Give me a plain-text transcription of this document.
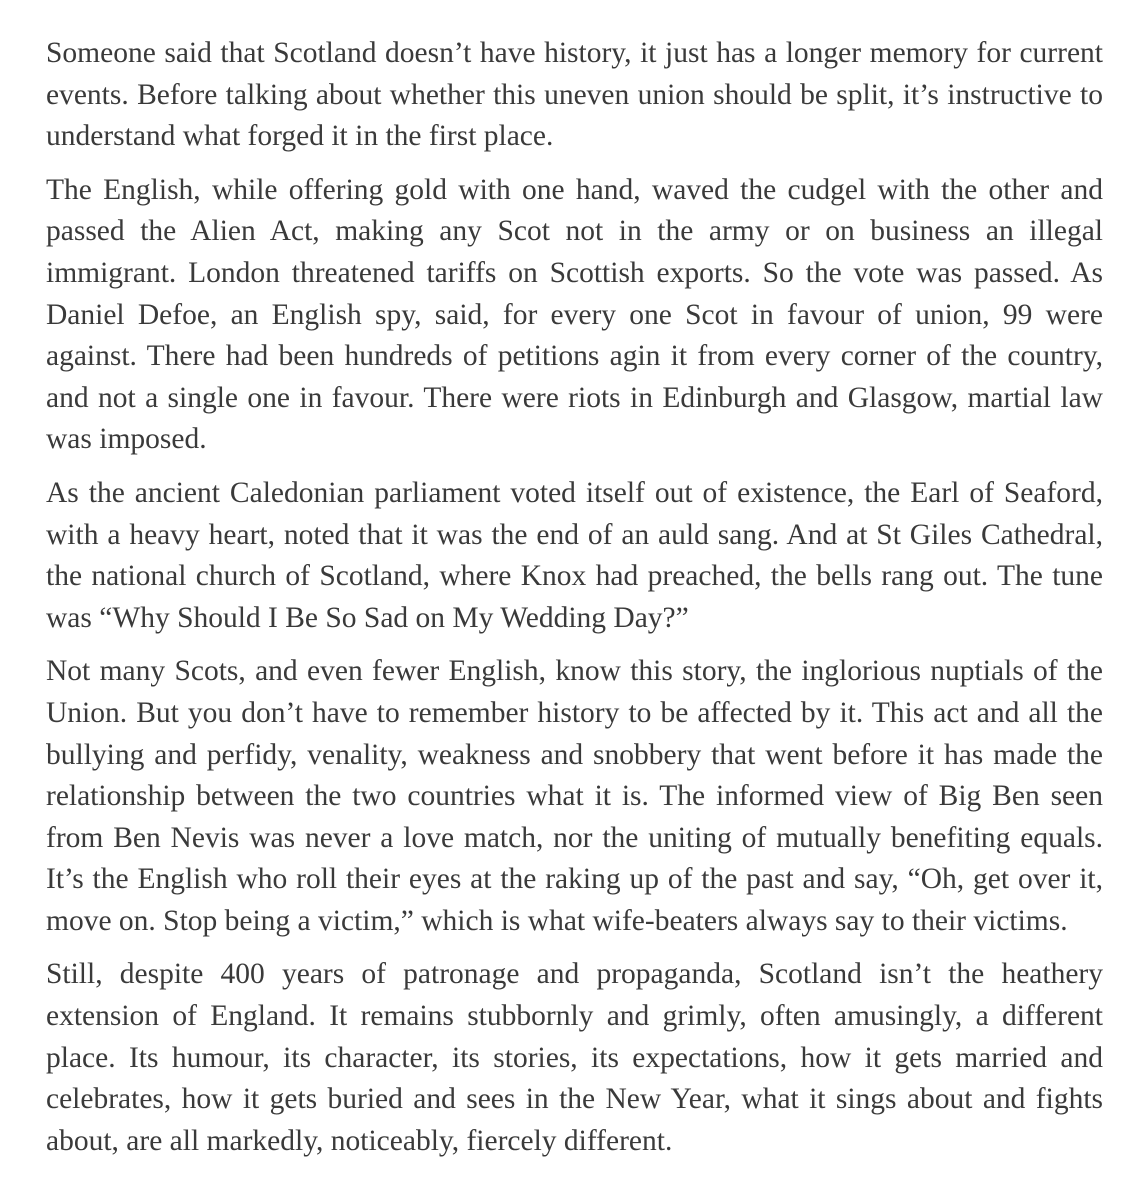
Someone said that Scotland doesn’t have history, it just has a longer memory for current events. Before talking about whether this uneven union should be split, it’s instructive to understand what forged it in the first place.

The English, while offering gold with one hand, waved the cudgel with the other and passed the Alien Act, making any Scot not in the army or on business an illegal immigrant. London threatened tariffs on Scottish exports. So the vote was passed. As Daniel Defoe, an English spy, said, for every one Scot in favour of union, 99 were against. There had been hundreds of petitions agin it from every corner of the country, and not a single one in favour. There were riots in Edinburgh and Glasgow, martial law was imposed.

As the ancient Caledonian parliament voted itself out of existence, the Earl of Seaford, with a heavy heart, noted that it was the end of an auld sang. And at St Giles Cathedral, the national church of Scotland, where Knox had preached, the bells rang out. The tune was “Why Should I Be So Sad on My Wedding Day?”

Not many Scots, and even fewer English, know this story, the inglorious nuptials of the Union. But you don’t have to remember history to be affected by it. This act and all the bullying and perfidy, venality, weakness and snobbery that went before it has made the relationship between the two countries what it is. The informed view of Big Ben seen from Ben Nevis was never a love match, nor the uniting of mutually benefiting equals. It’s the English who roll their eyes at the raking up of the past and say, “Oh, get over it, move on. Stop being a victim,” which is what wife-beaters always say to their victims.

Still, despite 400 years of patronage and propaganda, Scotland isn’t the heathery extension of England. It remains stubbornly and grimly, often amusingly, a different place. Its humour, its character, its stories, its expectations, how it gets married and celebrates, how it gets buried and sees in the New Year, what it sings about and fights about, are all markedly, noticeably, fiercely different.
